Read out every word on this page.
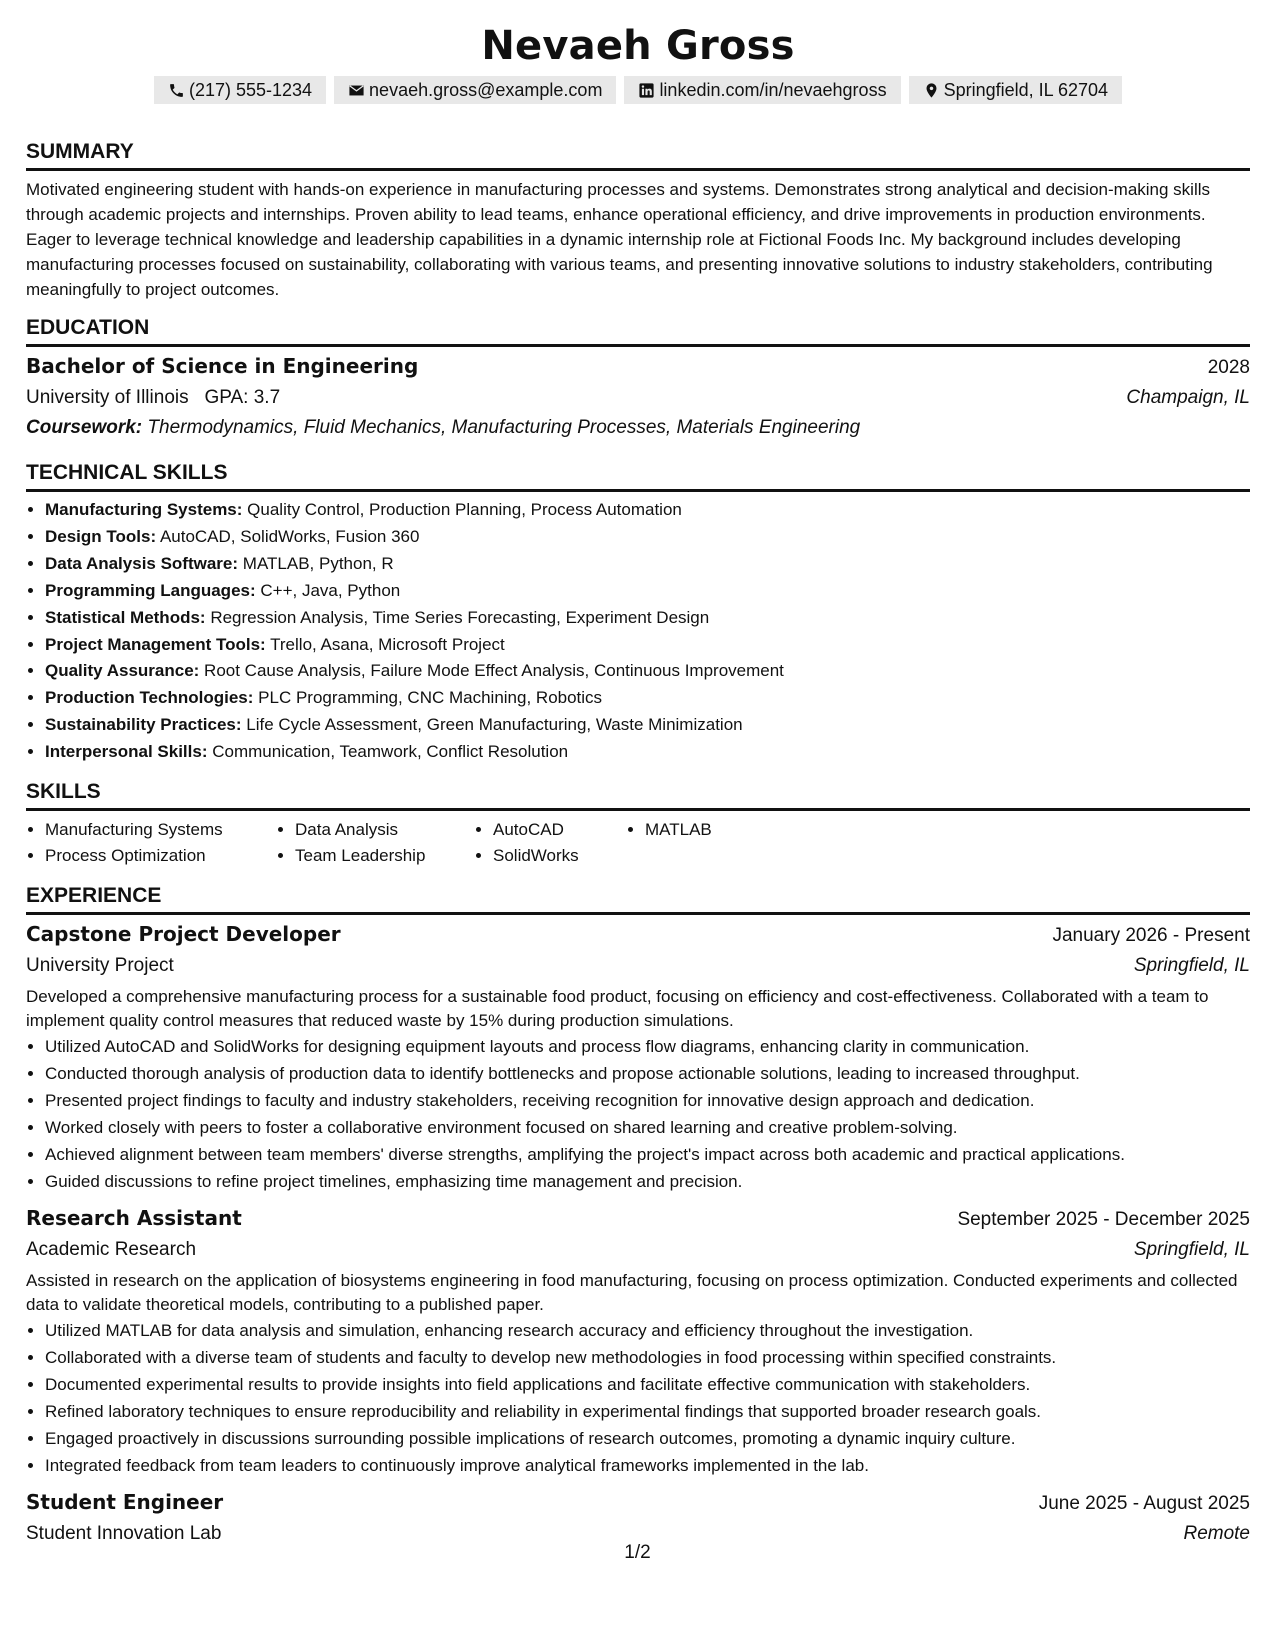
Nevaeh Gross
(217) 555-1234	nevaeh.gross@example.com	linkedin.com/in/nevaehgross	Springfield, IL 62704
SUMMARY

Motivated engineering student with hands-on experience in manufacturing processes and systems. Demonstrates strong analytical and decision-making skills through academic projects and internships. Proven ability to lead teams, enhance operational efficiency, and drive improvements in production environments. Eager to leverage technical knowledge and leadership capabilities in a dynamic internship role at Fictional Foods Inc. My background includes developing manufacturing processes focused on sustainability, collaborating with various teams, and presenting innovative solutions to industry stakeholders, contributing meaningfully to project outcomes.

EDUCATION
Bachelor of Science in Engineering	2028
University of Illinois GPA: 3.7	Champaign, IL
Coursework: Thermodynamics, Fluid Mechanics, Manufacturing Processes, Materials Engineering
TECHNICAL SKILLS
• Manufacturing Systems: Quality Control, Production Planning, Process Automation
• Design Tools: AutoCAD, SolidWorks, Fusion 360
• Data Analysis Software: MATLAB, Python, R
• Programming Languages: C++, Java, Python
• Statistical Methods: Regression Analysis, Time Series Forecasting, Experiment Design
• Project Management Tools: Trello, Asana, Microsoft Project
• Quality Assurance: Root Cause Analysis, Failure Mode Effect Analysis, Continuous Improvement
• Production Technologies: PLC Programming, CNC Machining, Robotics
• Sustainability Practices: Life Cycle Assessment, Green Manufacturing, Waste Minimization
• Interpersonal Skills: Communication, Teamwork, Conflict Resolution
SKILLS
• Manufacturing Systems
• Process Optimization
• Data Analysis
• Team Leadership
• AutoCAD
• SolidWorks
• MATLAB
EXPERIENCE
Capstone Project Developer	January 2026 - Present
University Project	Springfield, IL

Developed a comprehensive manufacturing process for a sustainable food product, focusing on efficiency and cost-effectiveness. Collaborated with a team to implement quality control measures that reduced waste by 15% during production simulations.

• Utilized AutoCAD and SolidWorks for designing equipment layouts and process flow diagrams, enhancing clarity in communication.
• Conducted thorough analysis of production data to identify bottlenecks and propose actionable solutions, leading to increased throughput.
• Presented project findings to faculty and industry stakeholders, receiving recognition for innovative design approach and dedication.
• Worked closely with peers to foster a collaborative environment focused on shared learning and creative problem-solving.
• Achieved alignment between team members' diverse strengths, amplifying the project's impact across both academic and practical applications.
• Guided discussions to refine project timelines, emphasizing time management and precision.
Research Assistant	September 2025 - December 2025
Academic Research	Springfield, IL

Assisted in research on the application of biosystems engineering in food manufacturing, focusing on process optimization. Conducted experiments and collected data to validate theoretical models, contributing to a published paper.

• Utilized MATLAB for data analysis and simulation, enhancing research accuracy and efficiency throughout the investigation.
• Collaborated with a diverse team of students and faculty to develop new methodologies in food processing within specified constraints.
• Documented experimental results to provide insights into field applications and facilitate effective communication with stakeholders.
• Refined laboratory techniques to ensure reproducibility and reliability in experimental findings that supported broader research goals.
• Engaged proactively in discussions surrounding possible implications of research outcomes, promoting a dynamic inquiry culture.
• Integrated feedback from team leaders to continuously improve analytical frameworks implemented in the lab.
Student Engineer	June 2025 - August 2025
Student Innovation Lab	Remote
1/2
